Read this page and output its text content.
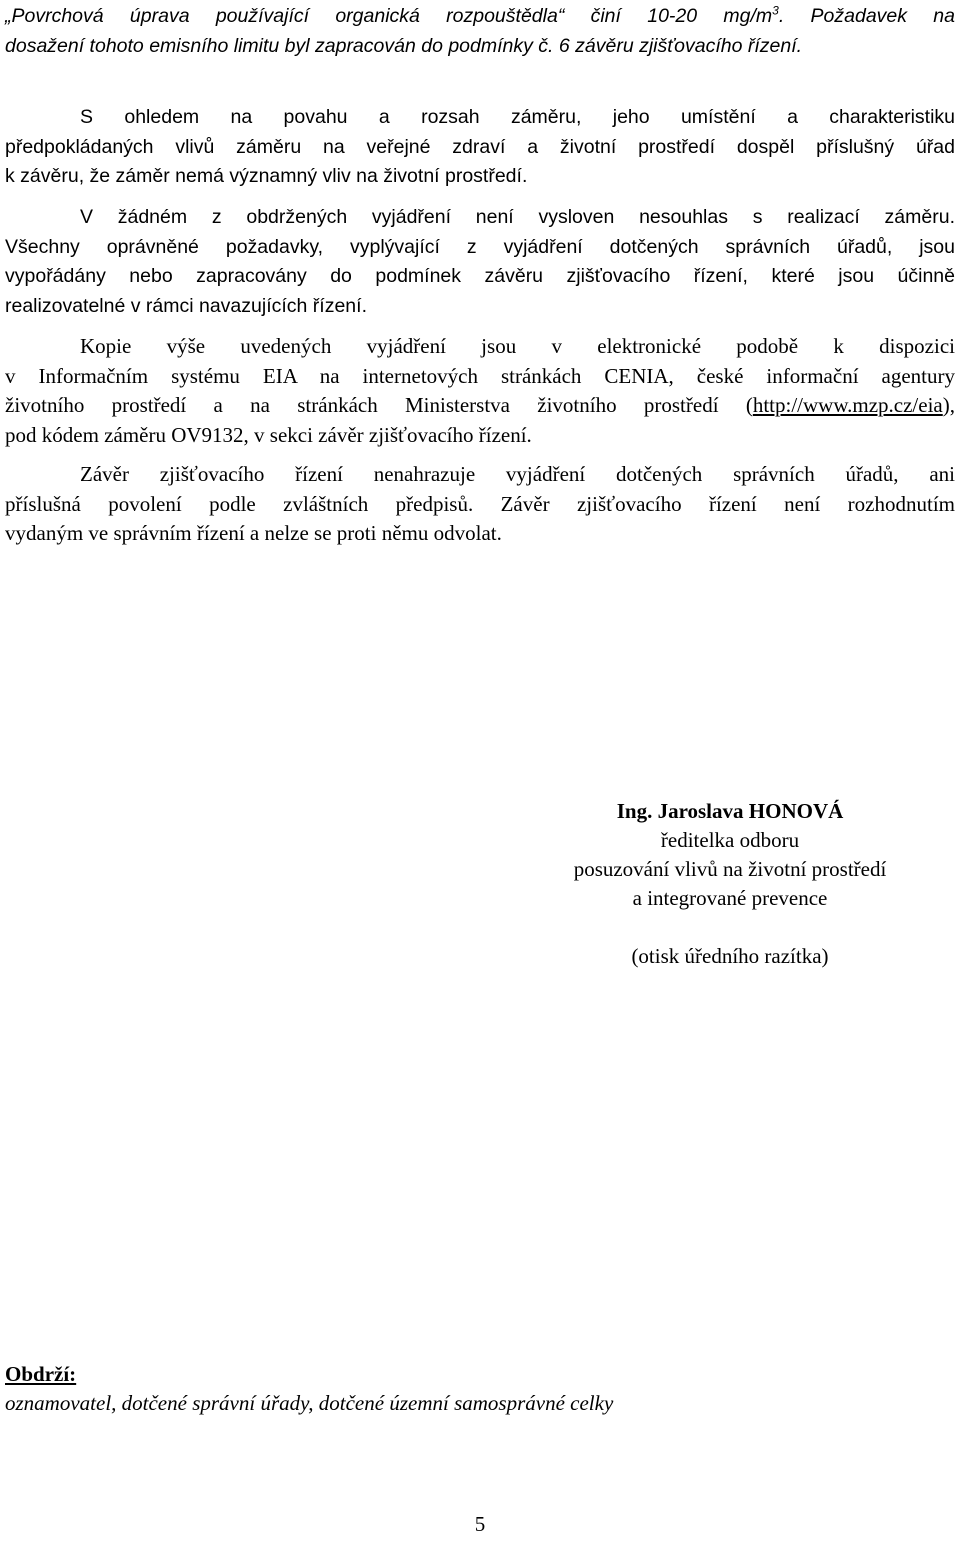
„Povrchová úprava používající organická rozpouštědla“ činí 10-20 $mg/m^3$. Požadavek na
dosažení tohoto emisního limitu byl zapracován do podmínky č. 6 závěru zjišťovacího řízení.

S ohledem na povahu a rozsah záměru, jeho umístění a charakteristiku
předpokládaných vlivů záměru na veřejné zdraví a životní prostředí dospěl příslušný úřad
k závěru, že záměr nemá významný vliv na životní prostředí.

V žádném z obdržených vyjádření není vysloven nesouhlas s realizací záměru.
Všechny oprávněné požadavky, vyplývající z vyjádření dotčených správních úřadů, jsou
vypořádány nebo zapracovány do podmínek závěru zjišťovacího řízení, které jsou účinně
realizovatelné v rámci navazujících řízení.

Kopie výše uvedených vyjádření jsou v elektronické podobě k dispozici
v Informačním systému EIA na internetových stránkách CENIA, české informační agentury
životního prostředí a na stránkách Ministerstva životního prostředí (http://www.mzp.cz/eia),
pod kódem záměru OV9132, v sekci závěr zjišťovacího řízení.

Závěr zjišťovacího řízení nenahrazuje vyjádření dotčených správních úřadů, ani
příslušná povolení podle zvláštních předpisů. Závěr zjišťovacího řízení není rozhodnutím
vydaným ve správním řízení a nelze se proti němu odvolat.

Ing. Jaroslava HONOVÁ
ředitelka odboru
posuzování vlivů na životní prostředí
a integrované prevence
(otisk úředního razítka)
Obdrží:
oznamovatel, dotčené správní úřady, dotčené územní samosprávné celky
5
